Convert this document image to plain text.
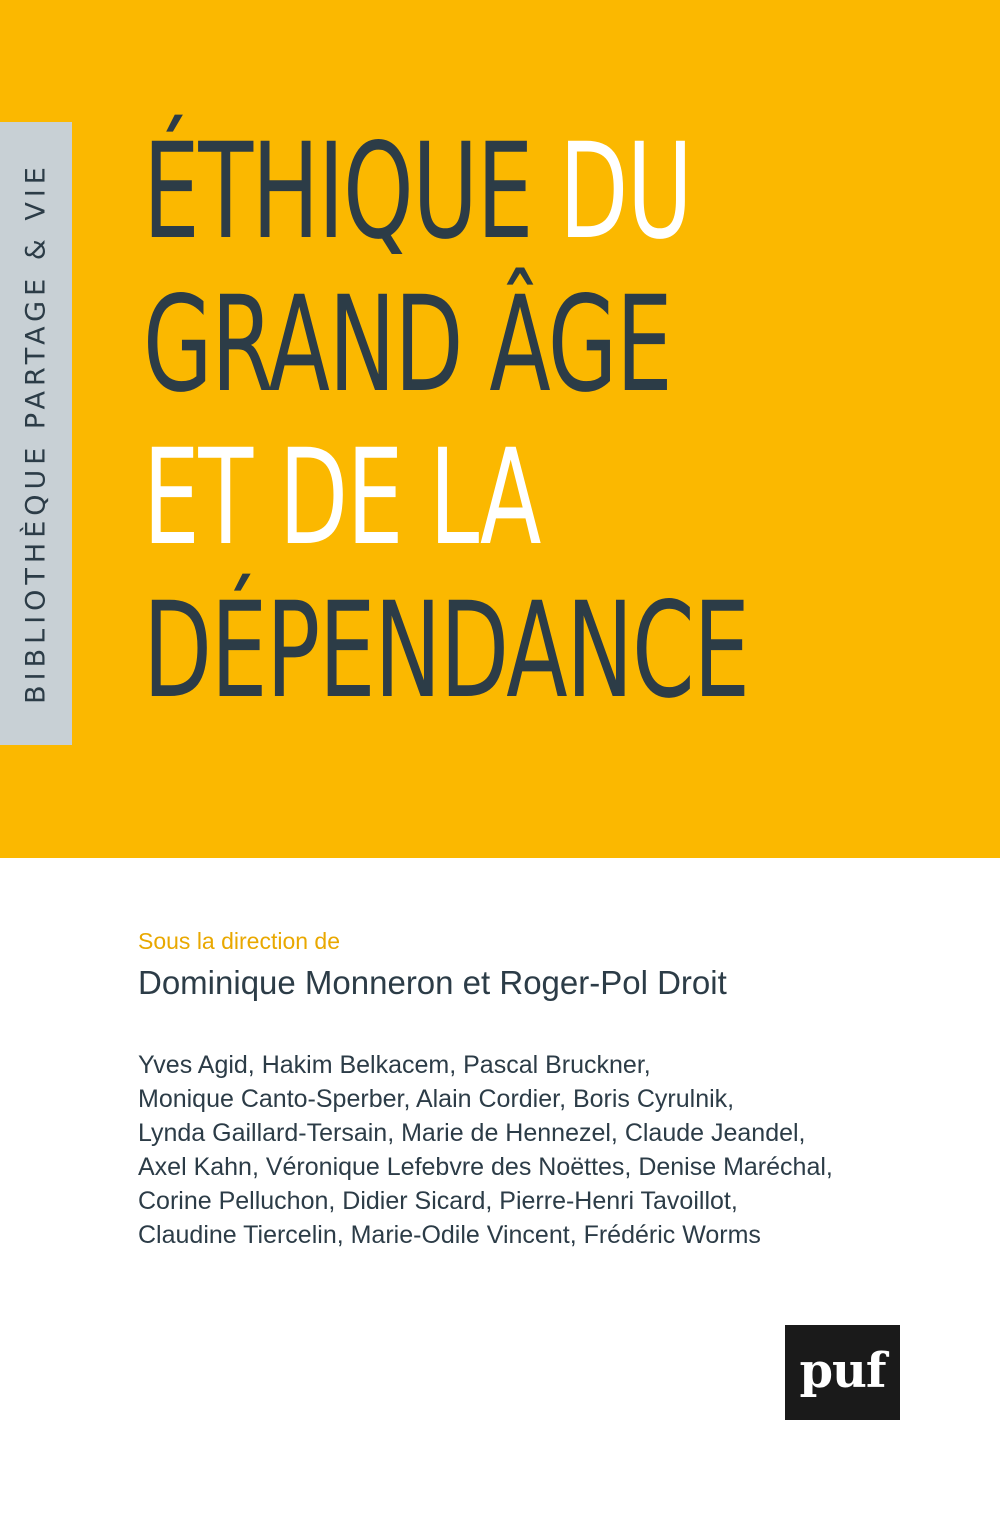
BIBLIOTHÈQUE PARTAGE & VIE ÉTHIQUE DU
GRAND ÂGE
ET DE LA
DÉPENDANCE
Sous la direction de
Dominique Monneron et Roger-Pol Droit
Yves Agid, Hakim Belkacem, Pascal Bruckner,
Monique Canto-Sperber, Alain Cordier, Boris Cyrulnik,
Lynda Gaillard-Tersain, Marie de Hennezel, Claude Jeandel,
Axel Kahn, Véronique Lefebvre des Noëttes, Denise Maréchal,
Corine Pelluchon, Didier Sicard, Pierre-Henri Tavoillot,
Claudine Tiercelin, Marie-Odile Vincent, Frédéric Worms
puf
